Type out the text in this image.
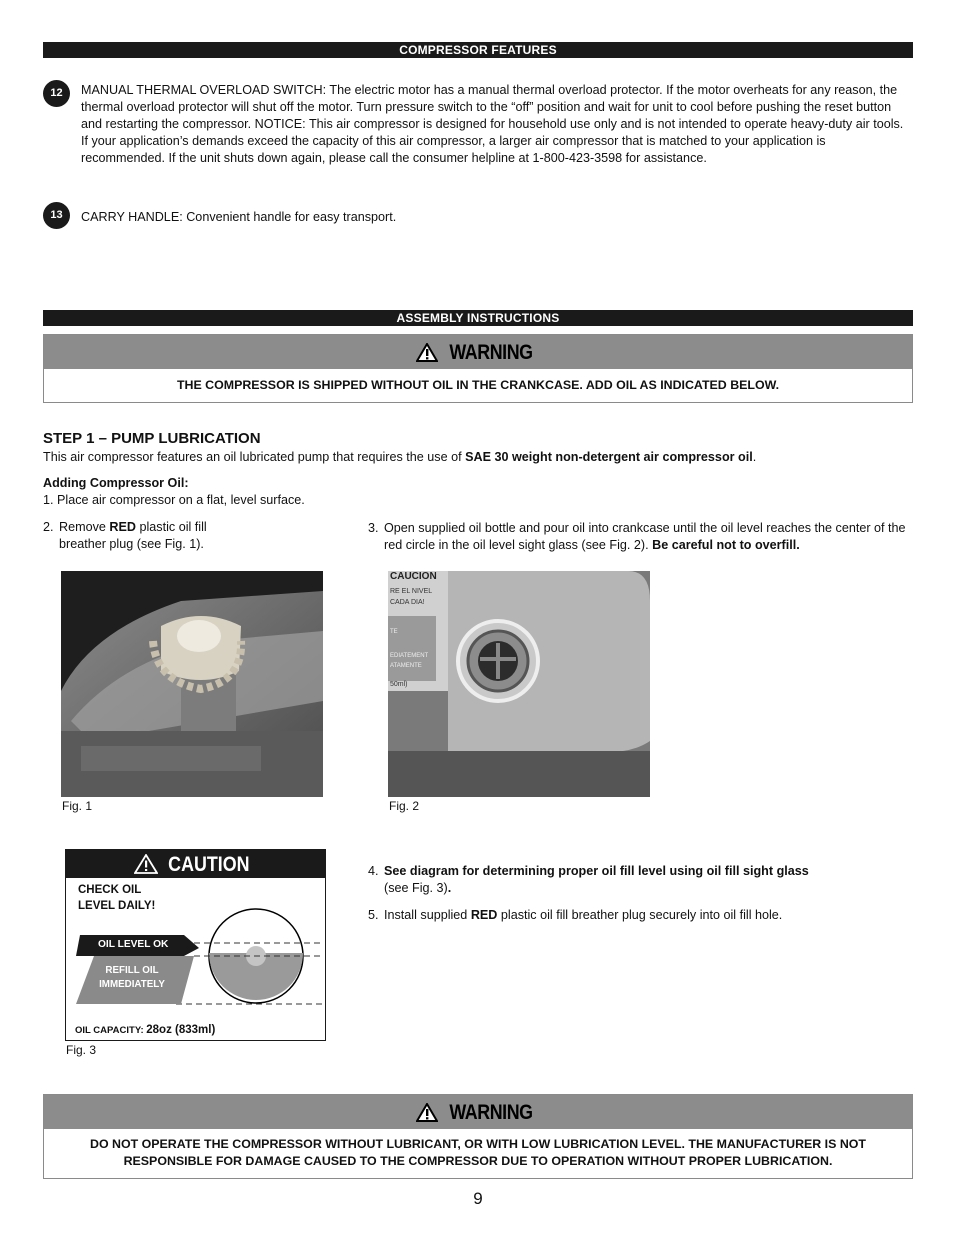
COMPRESSOR FEATURES
12	MANUAL THERMAL OVERLOAD SWITCH: The electric motor has a manual thermal overload protector. If the motor overheats for any reason, the thermal overload protector will shut off the motor. Turn pressure switch to the “off” position and wait for unit to cool before pushing the reset button and restarting the compressor. NOTICE: This air compressor is designed for household use only and is not intended to operate heavy-duty air tools. If your application’s demands exceed the capacity of this air compressor, a larger air compressor that is matched to your application is recommended. If the unit shuts down again, please call the consumer helpline at 1-800-423-3598 for assistance.
13	CARRY HANDLE: Convenient handle for easy transport.
ASSEMBLY INSTRUCTIONS
WARNING
THE COMPRESSOR IS SHIPPED WITHOUT OIL IN THE CRANKCASE. ADD OIL AS INDICATED BELOW.
STEP 1 – PUMP LUBRICATION
This air compressor features an oil lubricated pump that requires the use of SAE 30 weight non-detergent air compressor oil.
Adding Compressor Oil:
1. Place air compressor on a flat, level surface.
2. Remove RED plastic oil fill breather plug (see Fig. 1).
3. Open supplied oil bottle and pour oil into crankcase until the oil level reaches the center of the red circle in the oil level sight glass (see Fig. 2). Be careful not to overfill.
Fig. 1
CAUCION
RE EL NIVEL
CADA DIA!
TE
EDIATEMENT
ATAMENTE
50ml)
Fig. 2
CAUTION
CHECK OIL
LEVEL DAILY!
OIL LEVEL OK
REFILL OIL
IMMEDIATELY
OIL CAPACITY: 28oz (833ml)
Fig. 3
4. See diagram for determining proper oil fill level using oil fill sight glass
(see Fig. 3).
5. Install supplied RED plastic oil fill breather plug securely into oil fill hole.
WARNING
DO NOT OPERATE THE COMPRESSOR WITHOUT LUBRICANT, OR WITH LOW LUBRICATION LEVEL. THE MANUFACTURER IS NOT RESPONSIBLE FOR DAMAGE CAUSED TO THE COMPRESSOR DUE TO OPERATION WITHOUT PROPER LUBRICATION.
9
